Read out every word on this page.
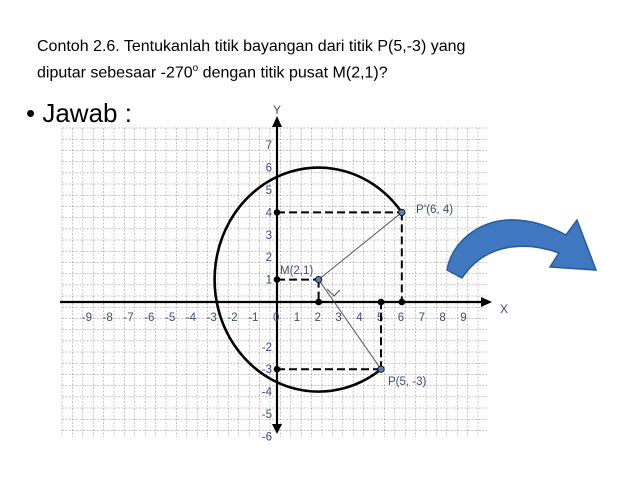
Contoh 2.6. Tentukanlah titik bayangan dari titik P(5,-3) yang
diputar sebesaar -270$^o$ dengan titik pusat M(2,1)?
• Jawab :
-9 -8 -7 -6 -5 -4 -3 -2 -1 0 1 2 3 4 5 6 7 8 9
7
6
5
4
3
2
1
-2
-3
-4
-5
-6
X
Y
M(2,1)
P(5, -3)
P’(6, 4)
